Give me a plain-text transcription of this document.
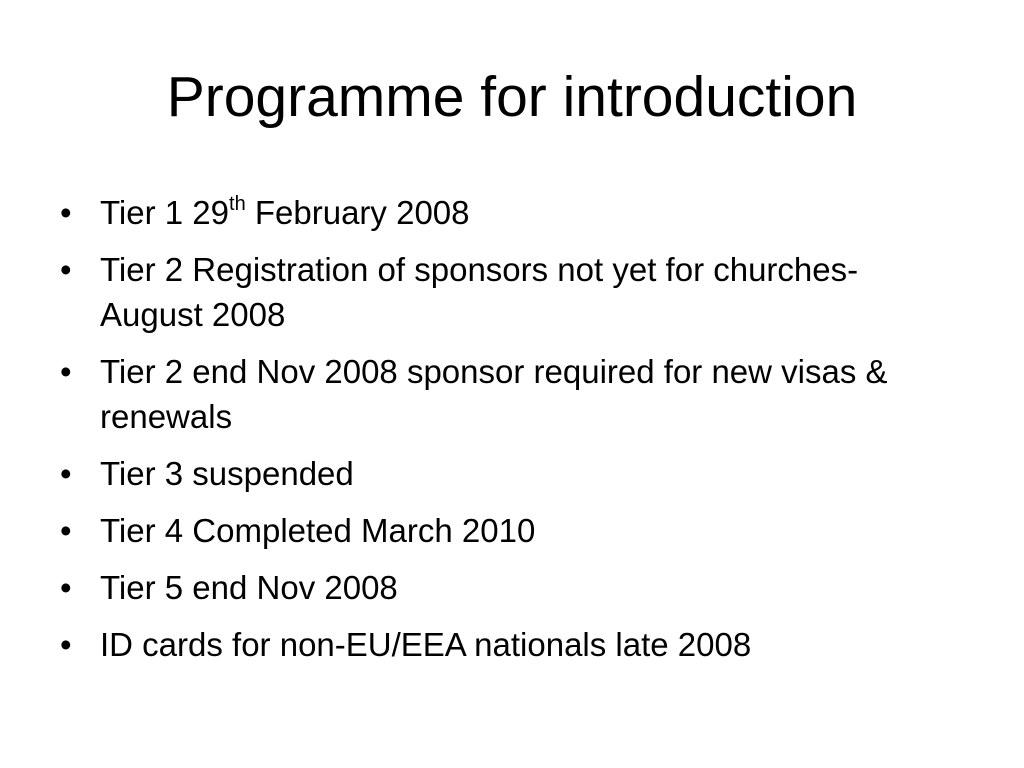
Programme for introduction
• Tier 1 29th February 2008
• Tier 2 Registration of sponsors not yet for churches- August 2008
• Tier 2 end Nov 2008 sponsor required for new visas & renewals
• Tier 3 suspended
• Tier 4 Completed March 2010
• Tier 5 end Nov 2008
• ID cards for non-EU/EEA nationals late 2008
